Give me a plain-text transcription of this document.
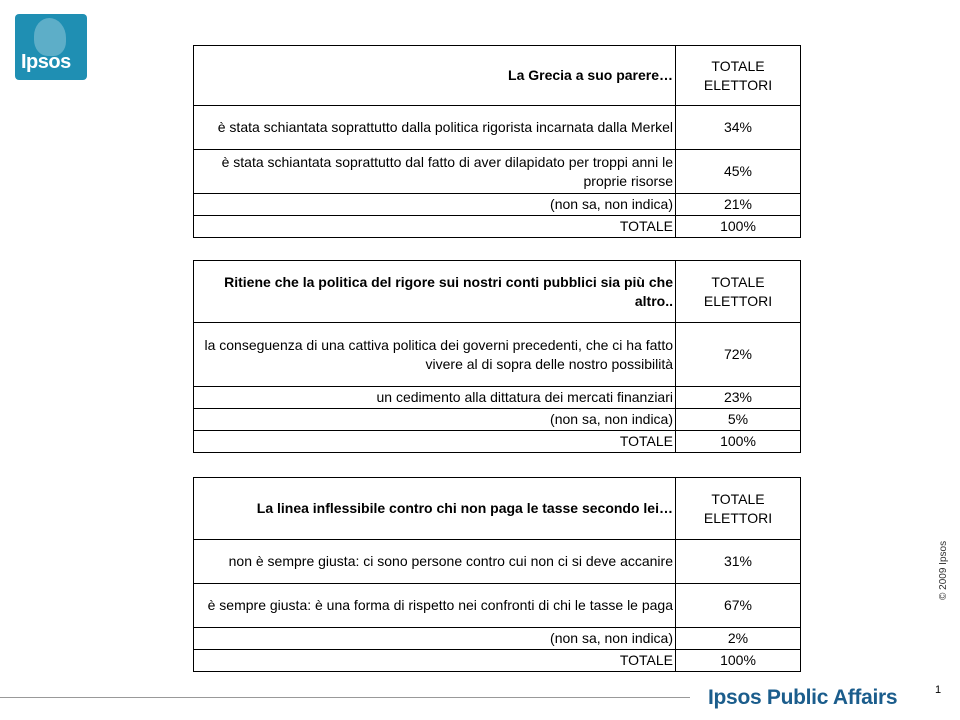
Ipsos
La Grecia a suo parere…	TOTALE ELETTORI
è stata schiantata soprattutto dalla politica rigorista incarnata dalla Merkel	34%
è stata schiantata soprattutto dal fatto di aver dilapidato per troppi anni le proprie risorse	45%
(non sa, non indica)	21%
TOTALE	100%
Ritiene che la politica del rigore sui nostri conti pubblici sia più che altro..	TOTALE ELETTORI
la conseguenza di una cattiva politica dei governi precedenti, che ci ha fatto vivere al di sopra delle nostro possibilità	72%
un cedimento alla dittatura dei mercati finanziari	23%
(non sa, non indica)	5%
TOTALE	100%
La linea inflessibile contro chi non paga le tasse secondo lei…	TOTALE ELETTORI
non è sempre giusta: ci sono persone contro cui non ci si deve accanire	31%
è sempre giusta: è una forma di rispetto nei confronti di chi le tasse le paga	67%
(non sa, non indica)	2%
TOTALE	100%
© 2009 Ipsos
Ipsos Public Affairs	1
